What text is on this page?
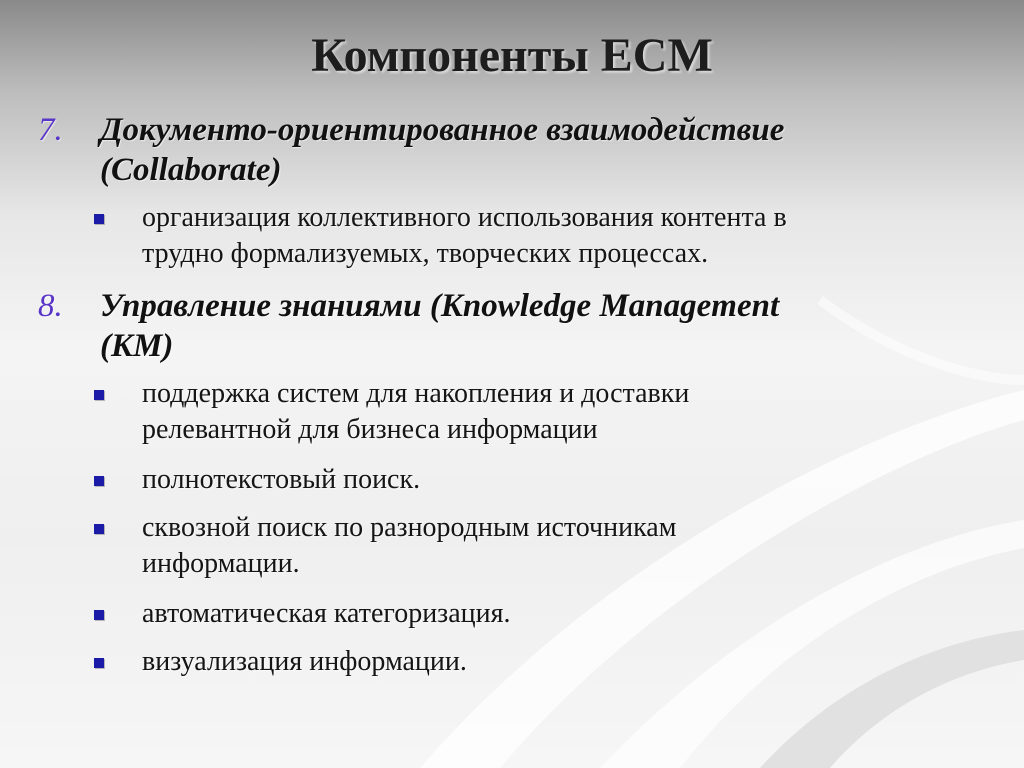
Компоненты ECM
7. Документо-ориентированное взаимодействие
(Collaborate)
организация коллективного использования контента в
трудно формализуемых, творческих процессах.
8. Управление знаниями (Knowledge Management
(KM)
поддержка систем для накопления и доставки
релевантной для бизнеса информации
полнотекстовый поиск.
сквозной поиск по разнородным источникам
информации.
автоматическая категоризация.
визуализация информации.
